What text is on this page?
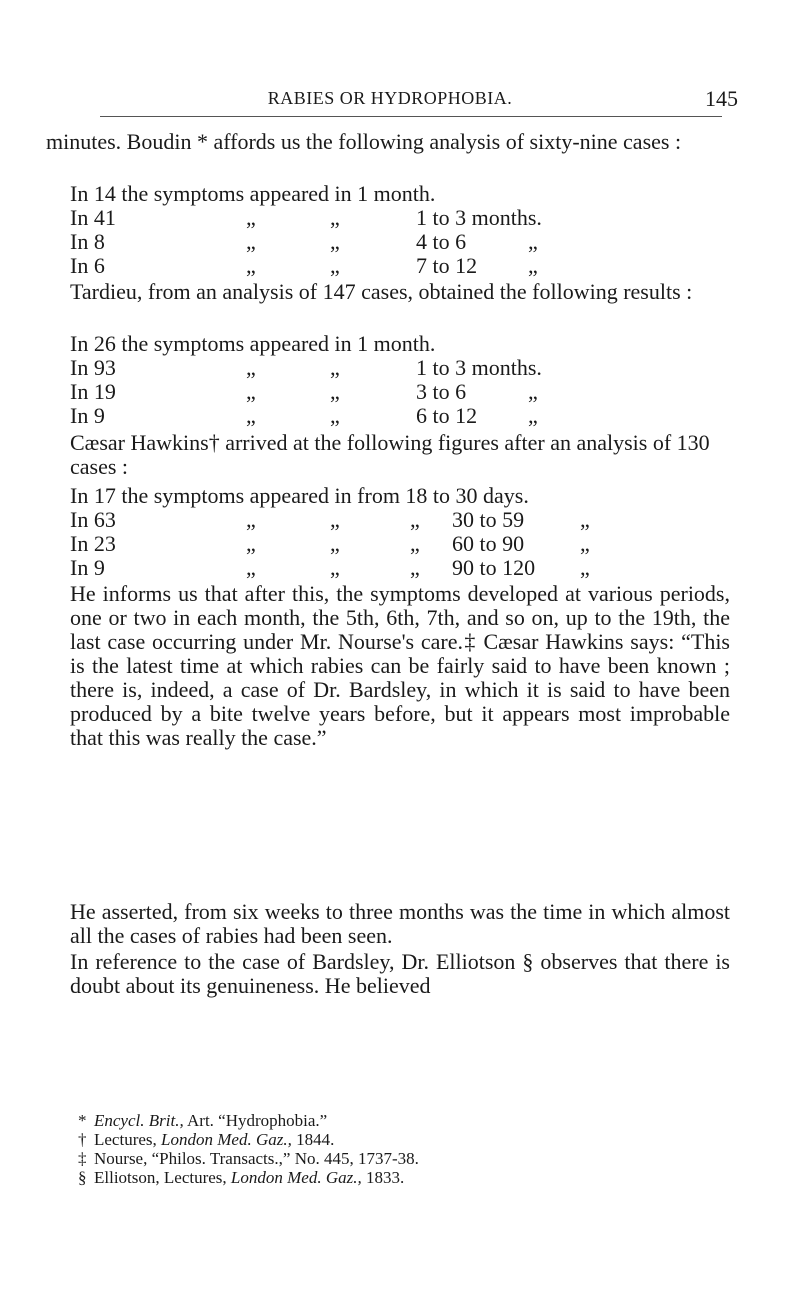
RABIES OR HYDROPHOBIA.	145
minutes. Boudin * affords us the following analysis of sixty-nine cases :
In 14 the symptoms appeared in 1 month.
In 41	„	„	1 to 3 months.
In 8	„	„	4 to 6	„
In 6	„	„	7 to 12 „
Tardieu, from an analysis of 147 cases, obtained the following results :
In 26 the symptoms appeared in 1 month.
In 93	„	„	1 to 3 months.
In 19	„	„	3 to 6	„
In 9	„	„	6 to 12 „
Cæsar Hawkins† arrived at the following figures after an analysis of 130 cases :
In 17 the symptoms appeared in from 18 to 30 days.
In 63	„	„	„ 30 to 59	„
In 23	„	„	„ 60 to 90	„
In 9	„	„	„ 90 to 120 „
He informs us that after this, the symptoms developed at various periods, one or two in each month, the 5th, 6th, 7th, and so on, up to the 19th, the last case occurring under Mr. Nourse's care.‡ Cæsar Hawkins says: “This is the latest time at which rabies can be fairly said to have been known ; there is, indeed, a case of Dr. Bardsley, in which it is said to have been produced by a bite twelve years before, but it appears most improbable that this was really the case.”
He asserted, from six weeks to three months was the time in which almost all the cases of rabies had been seen.
In reference to the case of Bardsley, Dr. Elliotson § observes that there is doubt about its genuineness. He believed
* Encycl. Brit., Art. “Hydrophobia.”
† Lectures, London Med. Gaz., 1844.
‡ Nourse, “Philos. Transacts.,” No. 445, 1737-38.
§ Elliotson, Lectures, London Med. Gaz., 1833.
